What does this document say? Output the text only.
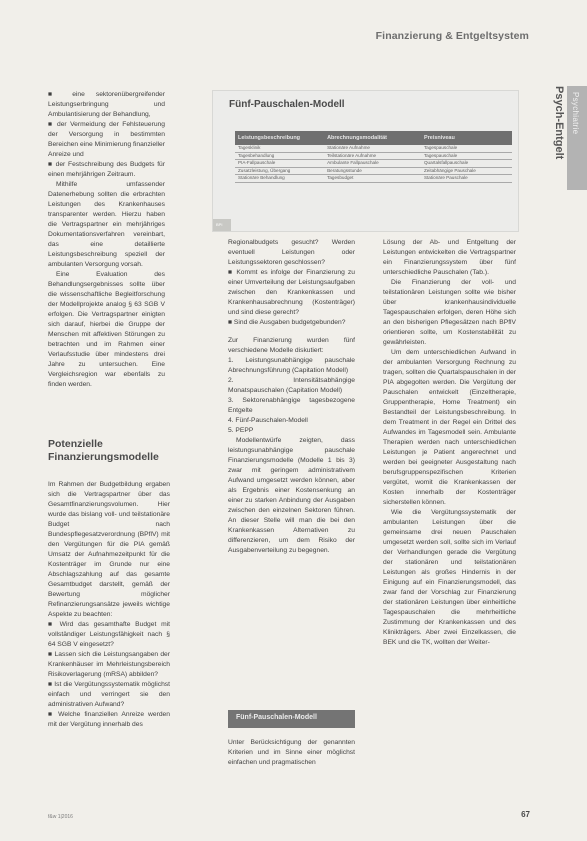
Finanzierung & Entgeltsystem
Psychiatrie
Psych-Entgelt

■ eine sektorenübergreifender Leistungserbringung und Ambulantisierung der Behandlung,

■ der Vermeidung der Fehlsteuerung der Versorgung in bestimmten Bereichen eine Minimierung finanzieller Anreize und

■ der Festschreibung des Budgets für einen mehrjährigen Zeitraum.

Mithilfe umfassender Datenerhebung sollten die erbrachten Leistungen des Krankenhauses transparenter werden. Hierzu haben die Vertragspartner ein mehrjähriges Dokumentationsverfahren vereinbart, das eine detaillierte Leistungsbeschreibung speziell der ambulanten Versorgung vorsah.

Eine Evaluation des Behandlungsergebnisses sollte über die wissenschaftliche Begleitforschung der Modellprojekte analog § 63 SGB V erfolgen. Die Vertragspartner einigten sich darauf, hierbei die Gruppe der Menschen mit affektiven Störungen zu betrachten und im Rahmen einer Verlaufsstudie über mindestens drei Jahre zu untersuchen. Eine Vergleichsregion war ebenfalls zu finden werden.

Potenzielle Finanzierungsmodelle

Im Rahmen der Budgetbildung ergaben sich die Vertragspartner über das Gesamtfinanzierungsvolumen. Hier wurde das bislang voll- und teilstationäre Budget nach Bundespflegesatzverordnung (BPflV) mit den Vergütungen für die PIA gemäß Umsatz der Aufnahmezeitpunkt für die Kostenträger im Grunde nur eine Abschlagszahlung auf das gesamte Gesamtbudget darstellt, gemäß der Bewertung möglicher Refinanzierungsansätze jeweils wichtige Aspekte zu beachten:

■ Wird das gesamthafte Budget mit vollständiger Leistungsfähigkeit nach § 64 SGB V eingesetzt?

■ Lassen sich die Leistungsangaben der Krankenhäuser im Mehrleistungsbereich Risikoverlagerung (mRSA) abbilden?

■ Ist die Vergütungssystematik möglichst einfach und verringert sie den administrativen Aufwand?

■ Welche finanziellen Anreize werden mit der Vergütung innerhalb des

Fünf-Pauschalen-Modell
Leistungsbeschreibung	Abrechnungsmodalität	Preisniveau
Tagesklinik	Stationäre Aufnahme	Tagespauschale
Tagesbehandlung	Teilstationäre Aufnahme	Tagespauschale
PIA-Fallpauschale	Ambulante Fallpauschale	Quartalsfallpauschale
Zusatzleistung, Übergang	Beratungsstunde	Zeitabhängige Pauschale
Stationäre Behandlung	Tagesbudget	Stationäre Pauschale
BPI

Regionalbudgets gesucht? Werden eventuell Leistungen oder Leistungssektoren geschlossen?

■ Kommt es infolge der Finanzierung zu einer Umverteilung der Leistungsaufgaben zwischen den Krankenkassen und Krankenhausabrechnung (Kostenträger) und sind diese gerecht?

■ Sind die Ausgaben budgetgebunden?

Zur Finanzierung wurden fünf verschiedene Modelle diskutiert:

1. Leistungsunabhängige pauschale Abrechnungsführung (Capitation Modell)

2. Intensitätsabhängige Monatspauschalen (Capitation Modell)

3. Sektorenabhängige tagesbezogene Entgelte

4. Fünf-Pauschalen-Modell

5. PEPP

Modellentwürfe zeigten, dass leistungsunabhängige pauschale Finanzierungsmodelle (Modelle 1 bis 3) zwar mit geringem administrativem Aufwand umgesetzt werden können, aber als Ergebnis einer Kostensenkung an einer zu starken Anbindung der Ausgaben zwischen den einzelnen Sektoren führen. An dieser Stelle will man die bei den Krankenkassen Alternativen zu differenzieren, um dem Risiko der Ausgabenverteilung zu begegnen.

Fünf-Pauschalen-Modell

Unter Berücksichtigung der genannten Kriterien und im Sinne einer möglichst einfachen und pragmatischen

Lösung der Ab- und Entgeltung der Leistungen entwickelten die Vertragspartner ein Finanzierungssystem über fünf unterschiedliche Pauschalen (Tab.).

Die Finanzierung der voll- und teilstationären Leistungen sollte wie bisher über krankenhausindividuelle Tagespauschalen erfolgen, deren Höhe sich an den bisherigen Pflegesätzen nach BPflV orientieren sollte, um Kostenstabilität zu gewährleisten.

Um dem unterschiedlichen Aufwand in der ambulanten Versorgung Rechnung zu tragen, sollten die Quartalspauschalen in der PIA abgegolten werden. Die Vergütung der Pauschalen entwickelt (Einzeltherapie, Gruppentherapie, Home Treatment) ein Bestandteil der Leistungsbeschreibung. In dem Treatment in der Regel ein Drittel des Aufwandes im Tagesmodell sein. Ambulante Therapien werden nach unterschiedlichen Leistungen je Patient angerechnet und werden bei geeigneter Ausgestaltung nach berufsgruppenspezifischen Kriterien vergütet, womit die Krankenkassen der Kosten innerhalb der Kostenträger sicherstellen können.

Wie die Vergütungssystematik der ambulanten Leistungen über die gemeinsame drei neuen Pauschalen umgesetzt werden soll, sollte sich im Verlauf der Verhandlungen gerade die Vergütung der stationären und teilstationären Leistungen als großes Hindernis in der Einigung auf ein Finanzierungsmodell, das zwar fand der Vorschlag zur Finanzierung der stationären Leistungen über einheitliche Tagespauschalen die mehrheitliche Zustimmung der Krankenkassen und des Klinikträgers. Aber zwei Einzelkassen, die BEK und die TK, wollten der Weiter-

f&w 1|2016	67
